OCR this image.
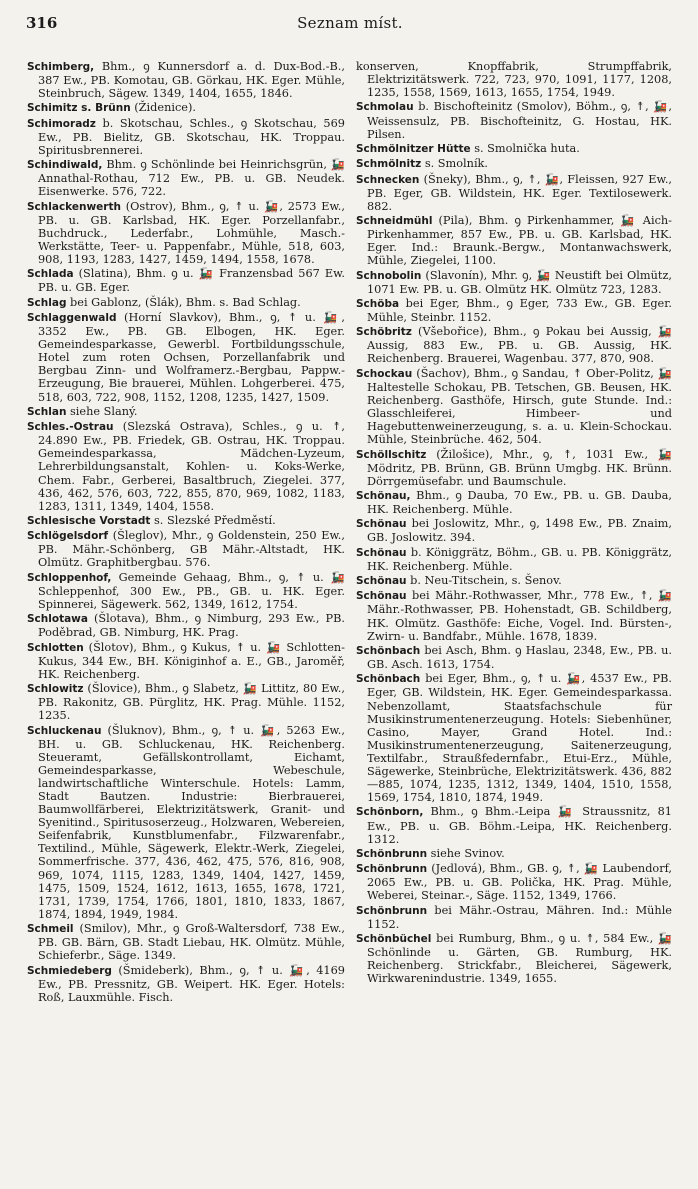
316	Seznam míst.

Schimberg, Bhm., ꝯ Kunnersdorf a. d. Dux-Bod.-B., 387 Ew., PB. Komotau, GB. Görkau, HK. Eger. Mühle, Steinbruch, Sägew. 1349, 1404, 1655, 1846.

Schimitz s. Brünn (Židenice).

Schimoradz b. Skotschau, Schles., ꝯ Skotschau, 569 Ew., PB. Bielitz, GB. Skotschau, HK. Troppau. Spiritusbrennerei.

Schindiwald, Bhm. ꝯ Schönlinde bei Heinrichsgrün, 🚂 Annathal-Rothau, 712 Ew., PB. u. GB. Neudek. Eisenwerke. 576, 722.

Schlackenwerth (Ostrov), Bhm., ꝯ, ↟ u. 🚂, 2573 Ew., PB. u. GB. Karlsbad, HK. Eger. Porzellanfabr., Buchdruck., Lederfabr., Lohmühle, Masch.-Werkstätte, Teer- u. Pappenfabr., Mühle, 518, 603, 908, 1193, 1283, 1427, 1459, 1494, 1558, 1678.

Schlada (Slatina), Bhm. ꝯ u. 🚂 Franzensbad 567 Ew. PB. u. GB. Eger.

Schlag bei Gablonz, (Šlák), Bhm. s. Bad Schlag.

Schlaggenwald (Horní Slavkov), Bhm., ꝯ, ↟ u. 🚂, 3352 Ew., PB. GB. Elbogen, HK. Eger. Gemeindesparkasse, Gewerbl. Fortbildungsschule, Hotel zum roten Ochsen, Porzellanfabrik und Bergbau Zinn- und Wolframerz.-Bergbau, Pappw.-Erzeugung, Bie brauerei, Mühlen. Lohgerberei. 475, 518, 603, 722, 908, 1152, 1208, 1235, 1427, 1509.

Schlan siehe Slaný.

Schles.-Ostrau (Slezská Ostrava), Schles., ꝯ u. ↟, 24.890 Ew., PB. Friedek, GB. Ostrau, HK. Troppau. Gemeindesparkassa, Mädchen-Lyzeum, Lehrerbildungsanstalt, Kohlen- u. Koks-Werke, Chem. Fabr., Gerberei, Basaltbruch, Ziegelei. 377, 436, 462, 576, 603, 722, 855, 870, 969, 1082, 1183, 1283, 1311, 1349, 1404, 1558.

Schlesische Vorstadt s. Slezské Předměstí.

Schlögelsdorf (Šleglov), Mhr., ꝯ Goldenstein, 250 Ew., PB. Mähr.-Schönberg, GB Mähr.-Altstadt, HK. Olmütz. Graphitbergbau. 576.

Schloppenhof, Gemeinde Gehaag, Bhm., ꝯ, ↟ u. 🚂 Schleppenhof, 300 Ew., PB., GB. u. HK. Eger. Spinnerei, Sägewerk. 562, 1349, 1612, 1754.

Schlotawa (Šlotava), Bhm., ꝯ Nimburg, 293 Ew., PB. Poděbrad, GB. Nimburg, HK. Prag.

Schlotten (Šlotov), Bhm., ꝯ Kukus, ↟ u. 🚂 Schlotten-Kukus, 344 Ew., BH. Königinhof a. E., GB., Jaroměř, HK. Reichenberg.

Schlowitz (Šlovice), Bhm., ꝯ Slabetz, 🚂 Littitz, 80 Ew., PB. Rakonitz, GB. Pürglitz, HK. Prag. Mühle. 1152, 1235.

Schluckenau (Šluknov), Bhm., ꝯ, ↟ u. 🚂, 5263 Ew., BH. u. GB. Schluckenau, HK. Reichenberg. Steueramt, Gefällskontrollamt, Eichamt, Gemeindesparkasse, Webeschule, landwirtschaftliche Winterschule. Hotels: Lamm, Stadt Bautzen. Industrie: Bierbrauerei, Baumwollfärberei, Elektrizitätswerk, Granit- und Syenitind., Spiritusoserzeug., Holzwaren, Webereien, Seifenfabrik, Kunstblumenfabr., Filzwarenfabr., Textilind., Mühle, Sägewerk, Elektr.-Werk, Ziegelei, Sommerfrische. 377, 436, 462, 475, 576, 816, 908, 969, 1074, 1115, 1283, 1349, 1404, 1427, 1459, 1475, 1509, 1524, 1612, 1613, 1655, 1678, 1721, 1731, 1739, 1754, 1766, 1801, 1810, 1833, 1867, 1874, 1894, 1949, 1984.

Schmeil (Smilov), Mhr., ꝯ Groß-Waltersdorf, 738 Ew., PB. GB. Bärn, GB. Stadt Liebau, HK. Olmütz. Mühle, Schieferbr., Säge. 1349.

Schmiedeberg (Šmideberk), Bhm., ꝯ, ↟ u. 🚂, 4169 Ew., PB. Pressnitz, GB. Weipert. HK. Eger. Hotels: Roß, Lauxmühle. Fisch.

konserven, Knopffabrik, Strumpffabrik, Elektrizitätswerk. 722, 723, 970, 1091, 1177, 1208, 1235, 1558, 1569, 1613, 1655, 1754, 1949.

Schmolau b. Bischofteinitz (Smolov), Böhm., ꝯ, ↟, 🚂, Weissensulz, PB. Bischofteinitz, G. Hostau, HK. Pilsen.

Schmölnitzer Hütte s. Smolnička huta.

Schmölnitz s. Smolník.

Schnecken (Šneky), Bhm., ꝯ, ↟, 🚂, Fleissen, 927 Ew., PB. Eger, GB. Wildstein, HK. Eger. Textilosewerk. 882.

Schneidmühl (Pila), Bhm. ꝯ Pirkenhammer, 🚂 Aich-Pirkenhammer, 857 Ew., PB. u. GB. Karlsbad, HK. Eger. Ind.: Braunk.-Bergw., Montanwachswerk, Mühle, Ziegelei, 1100.

Schnobolin (Slavonín), Mhr. ꝯ, 🚂 Neustift bei Olmütz, 1071 Ew. PB. u. GB. Olmütz HK. Olmütz 723, 1283.

Schöba bei Eger, Bhm., ꝯ Eger, 733 Ew., GB. Eger. Mühle, Steinbr. 1152.

Schöbritz (Všebořice), Bhm., ꝯ Pokau bei Aussig, 🚂 Aussig, 883 Ew., PB. u. GB. Aussig, HK. Reichenberg. Brauerei, Wagenbau. 377, 870, 908.

Schockau (Šachov), Bhm., ꝯ Sandau, ↟ Ober-Politz, 🚂 Haltestelle Schokau, PB. Tetschen, GB. Beusen, HK. Reichenberg. Gasthöfe, Hirsch, gute Stunde. Ind.: Glasschleiferei, Himbeer- und Hagebuttenweinerzeugung, s. a. u. Klein-Schockau. Mühle, Steinbrüche. 462, 504.

Schöllschitz (Žilošice), Mhr., ꝯ, ↟, 1031 Ew., 🚂 Mödritz, PB. Brünn, GB. Brünn Umgbg. HK. Brünn. Dörrgemüsefabr. und Baumschule.

Schönau, Bhm., ꝯ Dauba, 70 Ew., PB. u. GB. Dauba, HK. Reichenberg. Mühle.

Schönau bei Joslowitz, Mhr., ꝯ, 1498 Ew., PB. Znaim, GB. Joslowitz. 394.

Schönau b. Königgrätz, Böhm., GB. u. PB. Königgrätz, HK. Reichenberg. Mühle.

Schönau b. Neu-Titschein, s. Šenov.

Schönau bei Mähr.-Rothwasser, Mhr., 778 Ew., ↟, 🚂 Mähr.-Rothwasser, PB. Hohenstadt, GB. Schildberg, HK. Olmütz. Gasthöfe: Eiche, Vogel. Ind. Bürsten-, Zwirn- u. Bandfabr., Mühle. 1678, 1839.

Schönbach bei Asch, Bhm. ꝯ Haslau, 2348, Ew., PB. u. GB. Asch. 1613, 1754.

Schönbach bei Eger, Bhm., ꝯ, ↟ u. 🚂, 4537 Ew., PB. Eger, GB. Wildstein, HK. Eger. Gemeindesparkassa. Nebenzollamt, Staatsfachschule für Musikinstrumentenerzeugung. Hotels: Siebenhüner, Casino, Mayer, Grand Hotel. Ind.: Musikinstrumentenerzeugung, Saitenerzeugung, Textilfabr., Straußfedernfabr., Etui-Erz., Mühle, Sägewerke, Steinbrüche, Elektrizitätswerk. 436, 882—885, 1074, 1235, 1312, 1349, 1404, 1510, 1558, 1569, 1754, 1810, 1874, 1949.

Schönborn, Bhm., ꝯ Bhm.-Leipa 🚂 Straussnitz, 81 Ew., PB. u. GB. Böhm.-Leipa, HK. Reichenberg. 1312.

Schönbrunn siehe Svinov.

Schönbrunn (Jedlová), Bhm., GB. ꝯ, ↟, 🚂 Laubendorf, 2065 Ew., PB. u. GB. Polička, HK. Prag. Mühle, Weberei, Steinar.-, Säge. 1152, 1349, 1766.

Schönbrunn bei Mähr.-Ostrau, Mähren. Ind.: Mühle 1152.

Schönbüchel bei Rumburg, Bhm., ꝯ u. ↟, 584 Ew., 🚂 Schönlinde u. Gärten, GB. Rumburg, HK. Reichenberg. Strickfabr., Bleicherei, Sägewerk, Wirkwarenindustrie. 1349, 1655.
